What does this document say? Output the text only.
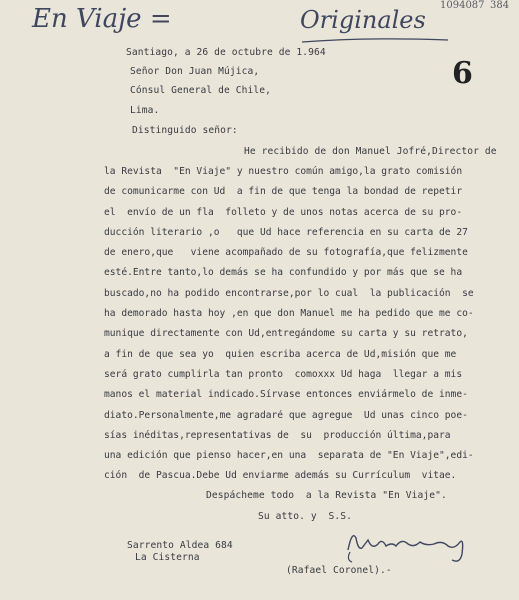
En Viaje =	Originales
1094087 384
6
Santiago, a 26 de octubre de 1.964
Señor Don Juan Mújica,
Cónsul General de Chile,
Lima.
Distinguido señor:
He recibido de don Manuel Jofré,Director de
la Revista  "En Viaje" y nuestro común amigo,la grato comisión
de comunicarme con Ud  a fin de que tenga la bondad de repetir
el  envío de un fla  folleto y de unos notas acerca de su pro-
ducción literario ,o   que Ud hace referencia en su carta de 27
de enero,que   viene acompañado de su fotografía,que felizmente
esté.Entre tanto,lo demás se ha confundido y por más que se ha
buscado,no ha podido encontrarse,por lo cual  la publicación  se
ha demorado hasta hoy ,en que don Manuel me ha pedido que me co-
munique directamente con Ud,entregándome su carta y su retrato,
a fin de que sea yo  quien escriba acerca de Ud,misión que me
será grato cumplirla tan pronto  comoxxx Ud haga  llegar a mis
manos el material indicado.Sírvase entonces enviármelo de inme-
diato.Personalmente,me agradaré que agregue  Ud unas cinco poe-
sías inéditas,representativas de  su  producción última,para
una edición que pienso hacer,en una  separata de "En Viaje",edi-
ción  de Pascua.Debe Ud enviarme además su Currículum  vitae.
Despácheme todo  a la Revista "En Viaje".
Su atto. y  S.S.
Sarrento Aldea 684
La Cisterna
(Rafael Coronel).-
